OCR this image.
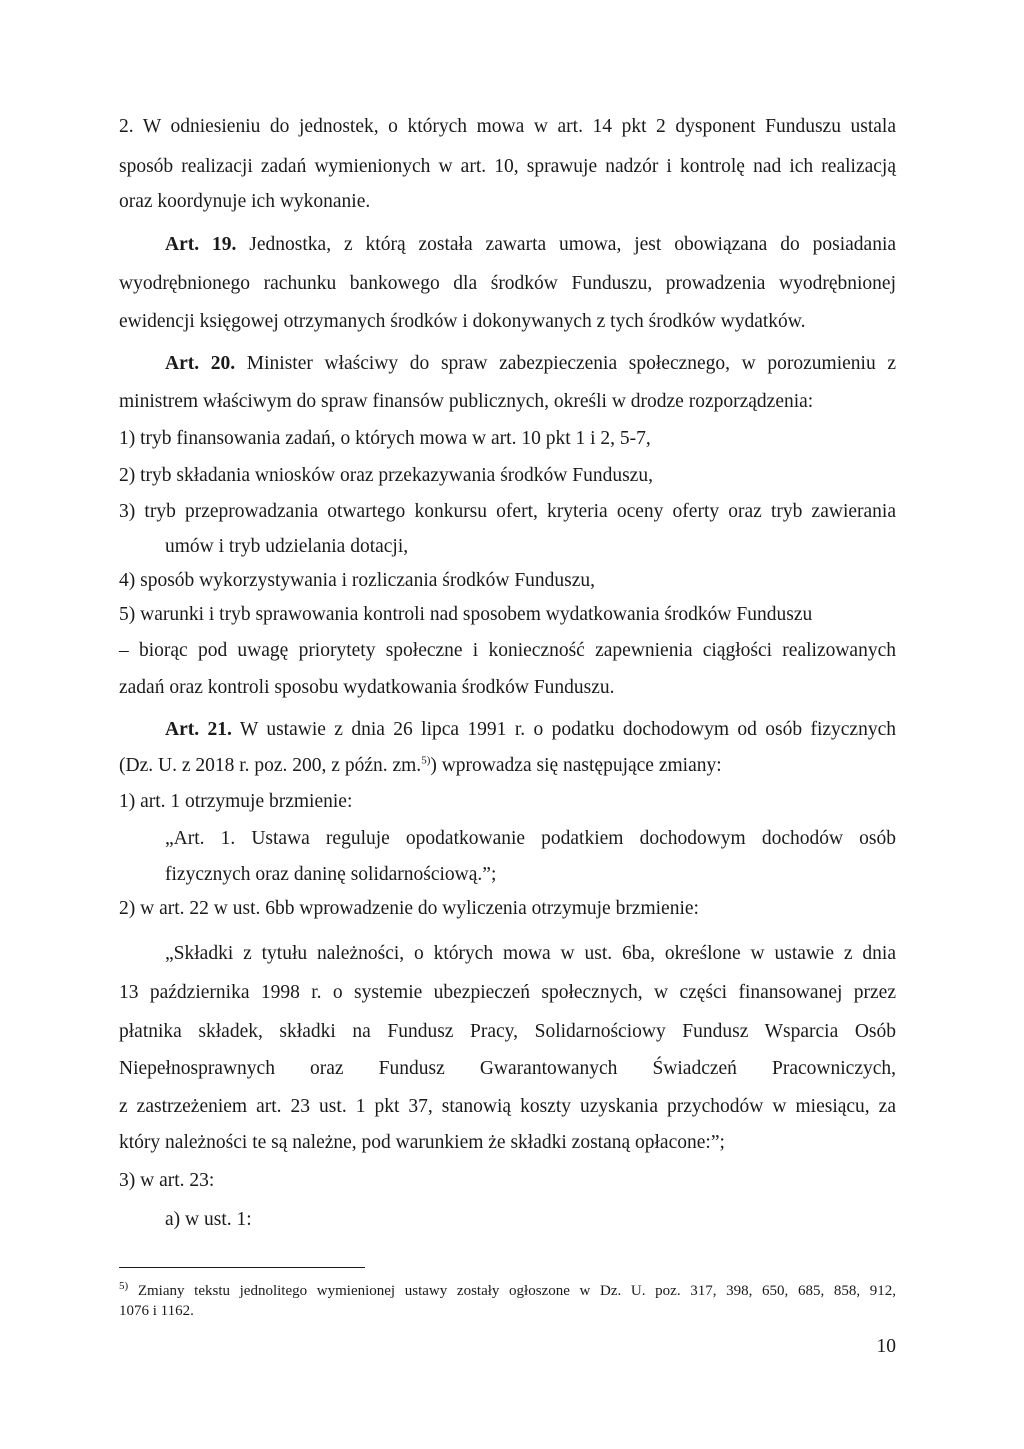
2. W odniesieniu do jednostek, o których mowa w art. 14 pkt 2 dysponent Funduszu ustala
sposób realizacji zadań wymienionych w art. 10, sprawuje nadzór i kontrolę nad ich realizacją
oraz koordynuje ich wykonanie.
Art. 19. Jednostka, z którą została zawarta umowa, jest obowiązana do posiadania
wyodrębnionego rachunku bankowego dla środków Funduszu, prowadzenia wyodrębnionej
ewidencji księgowej otrzymanych środków i dokonywanych z tych środków wydatków.
Art. 20. Minister właściwy do spraw zabezpieczenia społecznego, w porozumieniu z
ministrem właściwym do spraw finansów publicznych, określi w drodze rozporządzenia:
1) tryb finansowania zadań, o których mowa w art. 10 pkt 1 i 2, 5-7,
2) tryb składania wniosków oraz przekazywania środków Funduszu,
3) tryb przeprowadzania otwartego konkursu ofert, kryteria oceny oferty oraz tryb zawierania
umów i tryb udzielania dotacji,
4) sposób wykorzystywania i rozliczania środków Funduszu,
5) warunki i tryb sprawowania kontroli nad sposobem wydatkowania środków Funduszu
– biorąc pod uwagę priorytety społeczne i konieczność zapewnienia ciągłości realizowanych
zadań oraz kontroli sposobu wydatkowania środków Funduszu.
Art. 21. W ustawie z dnia 26 lipca 1991 r. o podatku dochodowym od osób fizycznych
(Dz. U. z 2018 r. poz. 200, z późn. zm.$^{5)}$) wprowadza się następujące zmiany:
1) art. 1 otrzymuje brzmienie:
„Art. 1. Ustawa reguluje opodatkowanie podatkiem dochodowym dochodów osób
fizycznych oraz daninę solidarnościową.”;
2) w art. 22 w ust. 6bb wprowadzenie do wyliczenia otrzymuje brzmienie:
„Składki z tytułu należności, o których mowa w ust. 6ba, określone w ustawie z dnia
13 października 1998 r. o systemie ubezpieczeń społecznych, w części finansowanej przez
płatnika składek, składki na Fundusz Pracy, Solidarnościowy Fundusz Wsparcia Osób
Niepełnosprawnych oraz Fundusz Gwarantowanych Świadczeń Pracowniczych,
z zastrzeżeniem art. 23 ust. 1 pkt 37, stanowią koszty uzyskania przychodów w miesiącu, za
który należności te są należne, pod warunkiem że składki zostaną opłacone:”;
3) w art. 23:
a) w ust. 1:
$^{5)}$ Zmiany tekstu jednolitego wymienionej ustawy zostały ogłoszone w Dz. U. poz. 317, 398, 650, 685, 858, 912,
1076 i 1162.
10
